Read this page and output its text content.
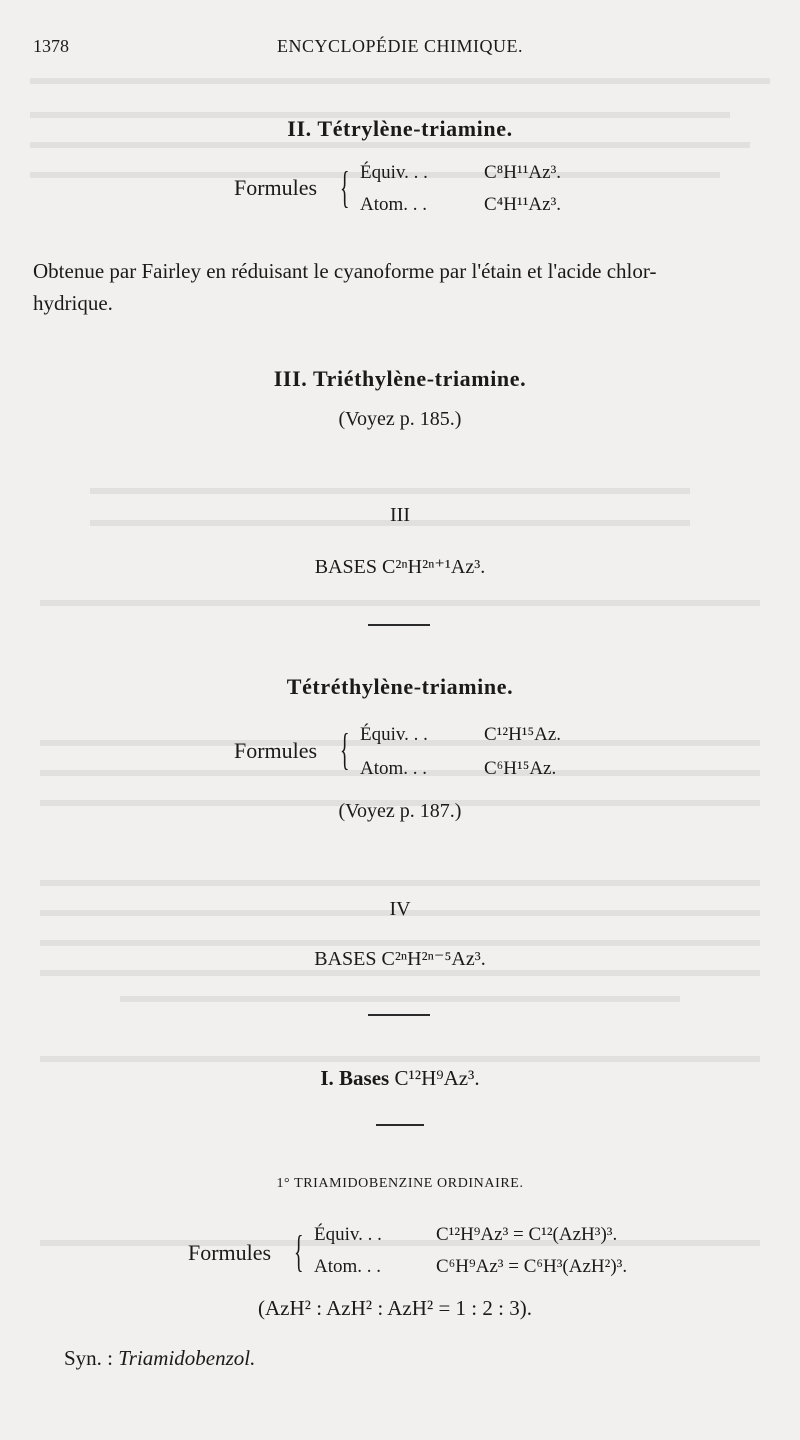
1378	ENCYCLOPÉDIE CHIMIQUE.
II. Tétrylène-triamine.
Formules { Équiv. . .	C⁸H¹¹Az³.
Atom. . .	C⁴H¹¹Az³.
Obtenue par Fairley en réduisant le cyanoforme par l'étain et l'acide chlor-
hydrique.
III. Triéthylène-triamine.
(Voyez p. 185.)
III
BASES C²ⁿH²ⁿ⁺¹Az³.
Tétréthylène-triamine.
Formules { Équiv. . .	C¹²H¹⁵Az.
Atom. . .	C⁶H¹⁵Az.
(Voyez p. 187.)
IV
BASES C²ⁿH²ⁿ⁻⁵Az³.
I. Bases C¹²H⁹Az³.
1° TRIAMIDOBENZINE ORDINAIRE.
Formules { Équiv. . .	C¹²H⁹Az³ = C¹²(AzH³)³.
Atom. . .	C⁶H⁹Az³ = C⁶H³(AzH²)³.
(AzH² : AzH² : AzH² = 1 : 2 : 3).
Syn. : Triamidobenzol.
